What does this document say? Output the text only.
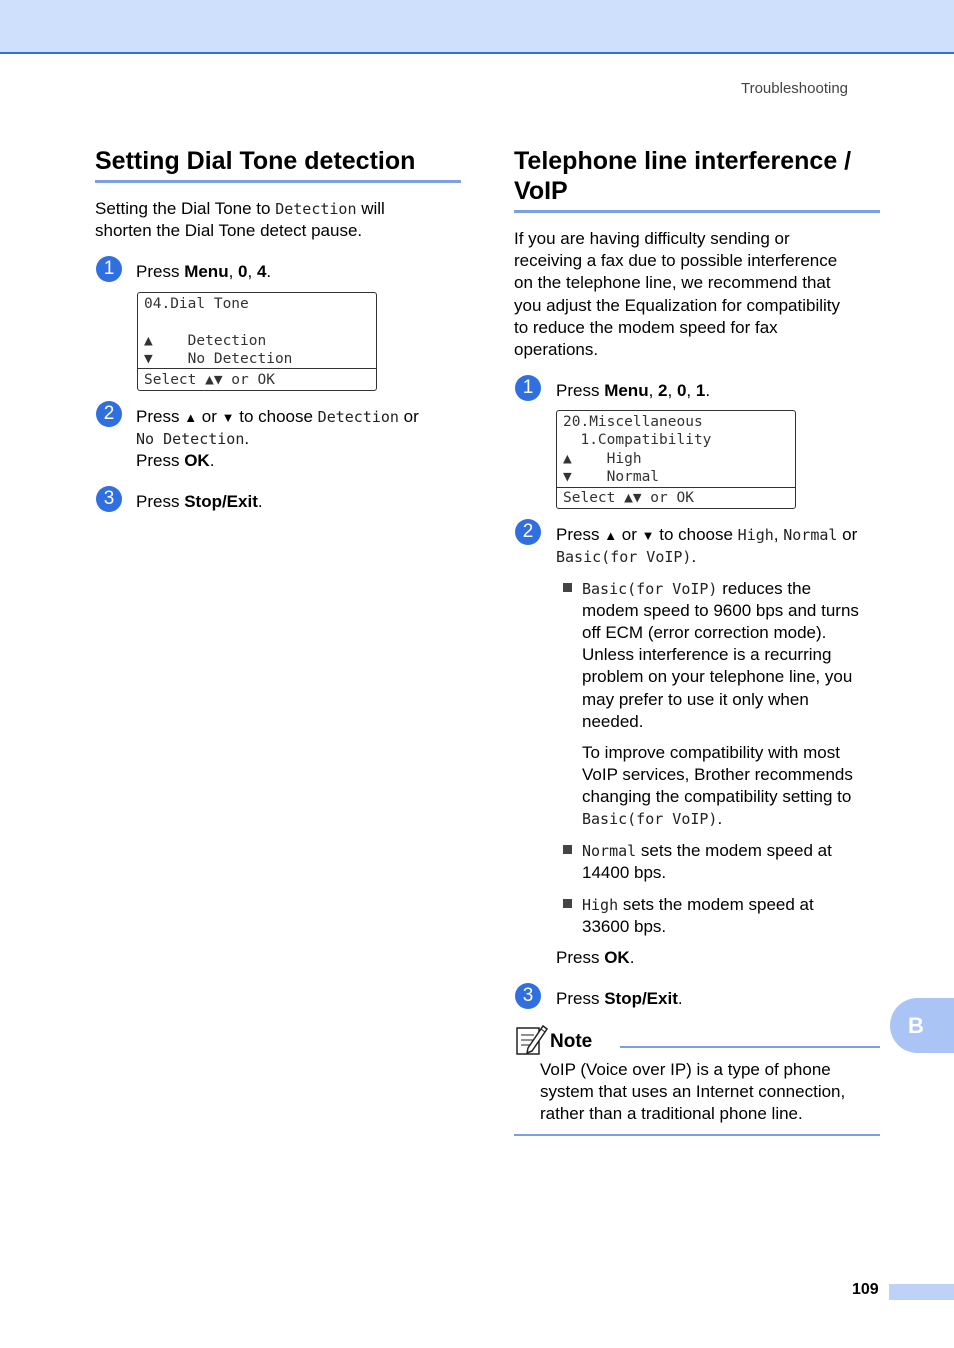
Troubleshooting
Setting Dial Tone detection
Setting the Dial Tone to Detection will
shorten the Dial Tone detect pause.
1	Press Menu, 0, 4.
04.Dial Tone
▲    Detection
▼    No Detection
Select ▲▼ or OK
2	Press ▲ or ▼ to choose Detection or
No Detection.
Press OK.
3	Press Stop/Exit.
Telephone line interference /
VoIP
If you are having difficulty sending or
receiving a fax due to possible interference
on the telephone line, we recommend that
you adjust the Equalization for compatibility
to reduce the modem speed for fax
operations.
1	Press Menu, 2, 0, 1.
20.Miscellaneous
1.Compatibility
▲    High
▼    Normal
Select ▲▼ or OK
2	Press ▲ or ▼ to choose High, Normal or
Basic(for VoIP).
Basic(for VoIP) reduces the
modem speed to 9600 bps and turns
off ECM (error correction mode).
Unless interference is a recurring
problem on your telephone line, you
may prefer to use it only when
needed.
To improve compatibility with most
VoIP services, Brother recommends
changing the compatibility setting to
Basic(for VoIP).
Normal sets the modem speed at
14400 bps.
High sets the modem speed at
33600 bps.
Press OK.
3	Press Stop/Exit.
Note
VoIP (Voice over IP) is a type of phone
system that uses an Internet connection,
rather than a traditional phone line.
B
109
